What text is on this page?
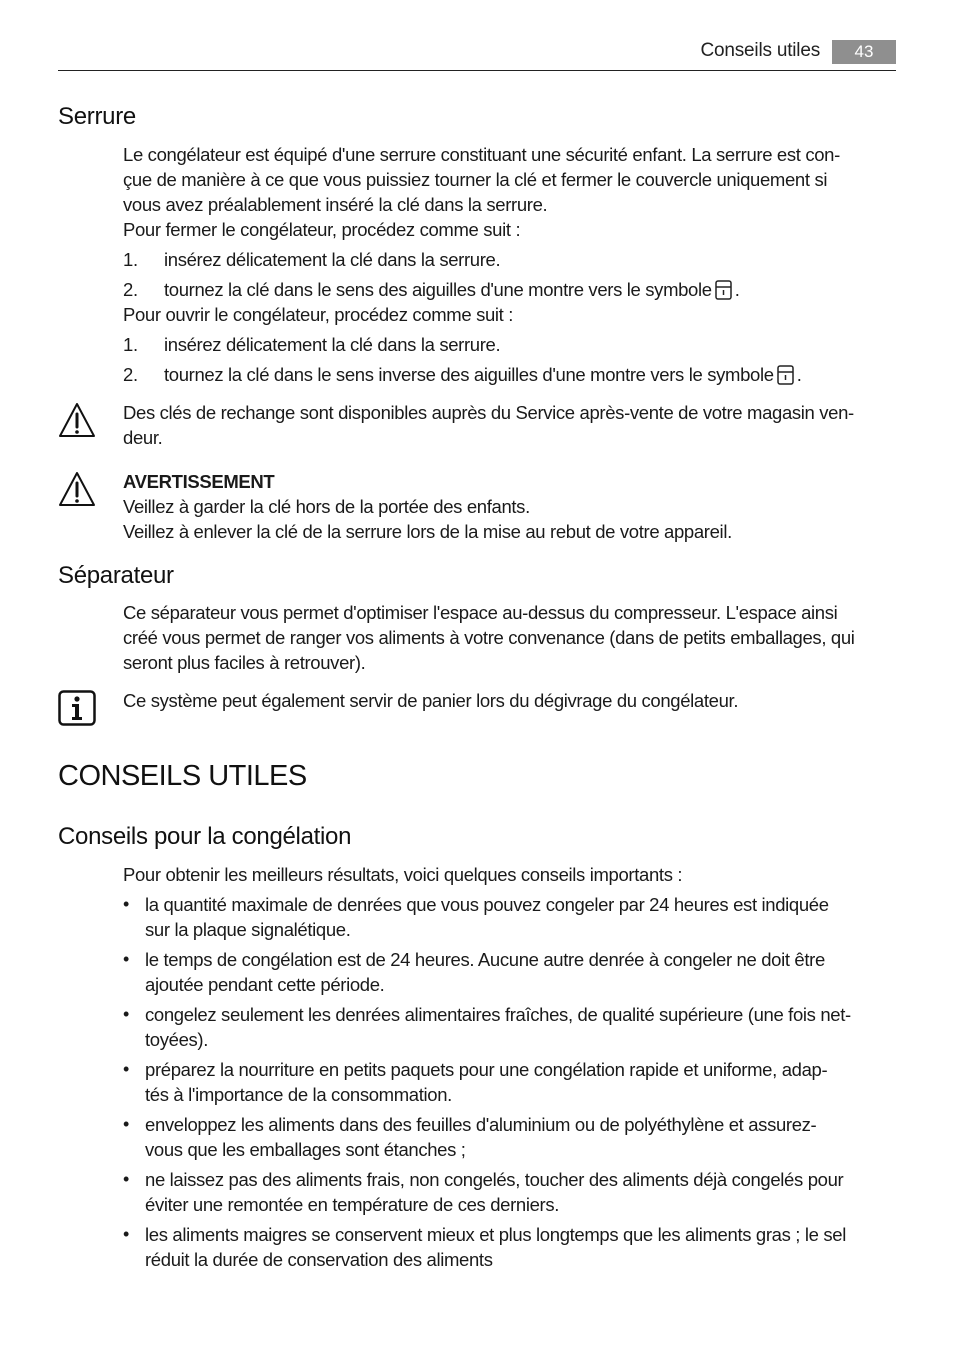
Conseils utiles	43
Serrure
Le congélateur est équipé d'une serrure constituant une sécurité enfant. La serrure est con-
çue de manière à ce que vous puissiez tourner la clé et fermer le couvercle uniquement si
vous avez préalablement inséré la clé dans la serrure.
Pour fermer le congélateur, procédez comme suit :
1. insérez délicatement la clé dans la serrure.
2. tournez la clé dans le sens des aiguilles d'une montre vers le symbole .
Pour ouvrir le congélateur, procédez comme suit :
1. insérez délicatement la clé dans la serrure.
2. tournez la clé dans le sens inverse des aiguilles d'une montre vers le symbole .
Des clés de rechange sont disponibles auprès du Service après-vente de votre magasin ven-
deur.
AVERTISSEMENT
Veillez à garder la clé hors de la portée des enfants.
Veillez à enlever la clé de la serrure lors de la mise au rebut de votre appareil.
Séparateur
Ce séparateur vous permet d'optimiser l'espace au-dessus du compresseur. L'espace ainsi
créé vous permet de ranger vos aliments à votre convenance (dans de petits emballages, qui
seront plus faciles à retrouver).
Ce système peut également servir de panier lors du dégivrage du congélateur.
CONSEILS UTILES
Conseils pour la congélation
Pour obtenir les meilleurs résultats, voici quelques conseils importants :
• la quantité maximale de denrées que vous pouvez congeler par 24 heures est indiquée
sur la plaque signalétique.
• le temps de congélation est de 24 heures. Aucune autre denrée à congeler ne doit être
ajoutée pendant cette période.
• congelez seulement les denrées alimentaires fraîches, de qualité supérieure (une fois net-
toyées).
• préparez la nourriture en petits paquets pour une congélation rapide et uniforme, adap-
tés à l'importance de la consommation.
• enveloppez les aliments dans des feuilles d'aluminium ou de polyéthylène et assurez-
vous que les emballages sont étanches ;
• ne laissez pas des aliments frais, non congelés, toucher des aliments déjà congelés pour
éviter une remontée en température de ces derniers.
• les aliments maigres se conservent mieux et plus longtemps que les aliments gras ; le sel
réduit la durée de conservation des aliments
